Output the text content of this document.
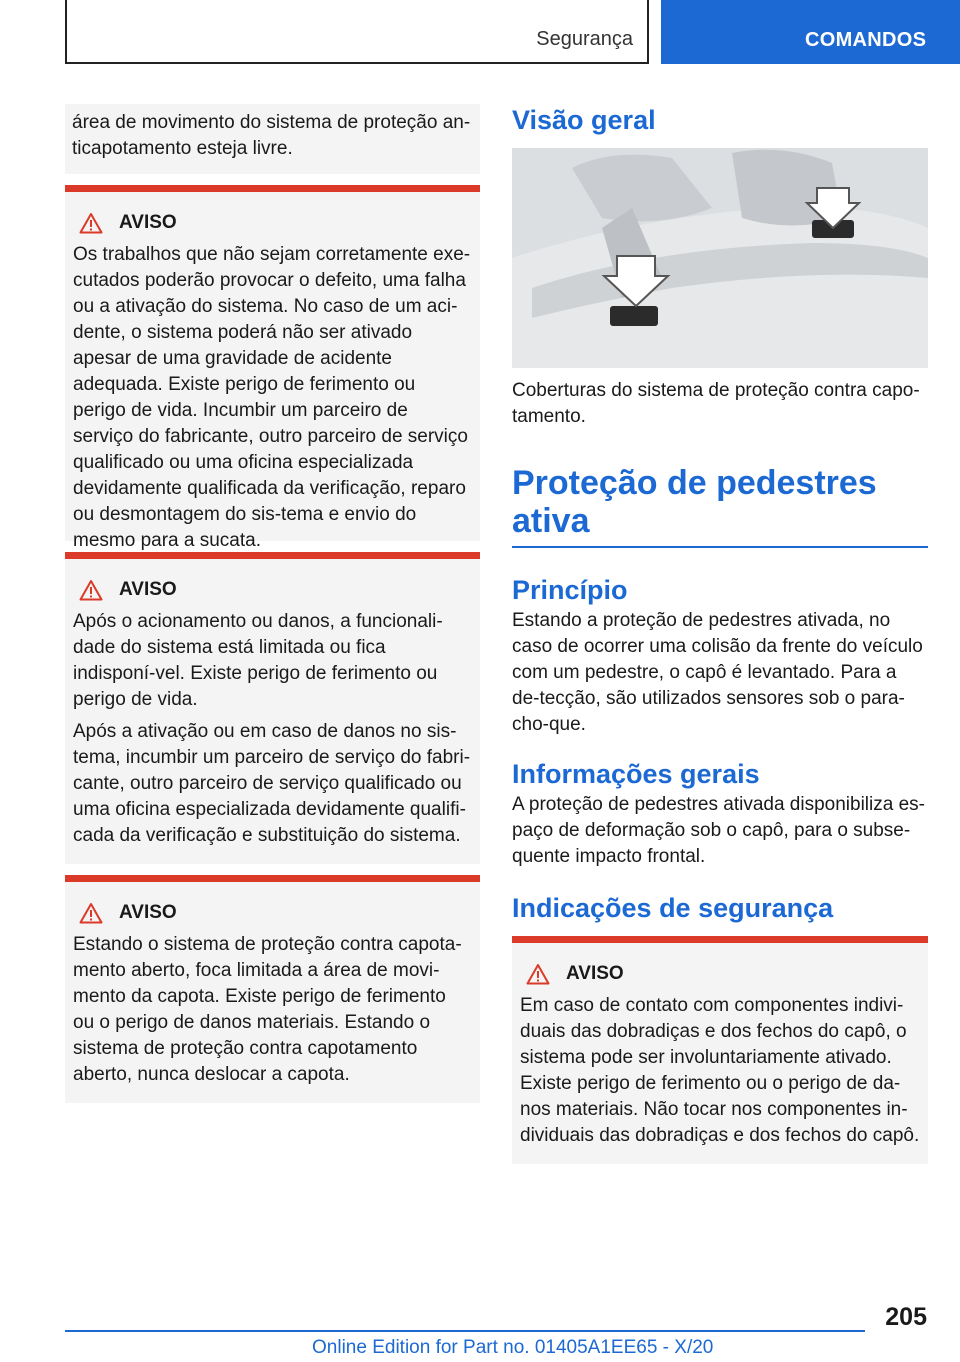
Segurança	COMANDOS

área de movimento do sistema de proteção an-ticapotamento esteja livre.

AVISO

Os trabalhos que não sejam corretamente exe-cutados poderão provocar o defeito, uma falha ou a ativação do sistema. No caso de um aci-dente, o sistema poderá não ser ativado apesar de uma gravidade de acidente adequada. Existe perigo de ferimento ou perigo de vida. Incumbir um parceiro de serviço do fabricante, outro parceiro de serviço qualificado ou uma oficina especializada devidamente qualificada da verificação, reparo ou desmontagem do sis-tema e envio do mesmo para a sucata.

AVISO

Após o acionamento ou danos, a funcionali-dade do sistema está limitada ou fica indisponí-vel. Existe perigo de ferimento ou perigo de vida.

Após a ativação ou em caso de danos no sis-tema, incumbir um parceiro de serviço do fabri-cante, outro parceiro de serviço qualificado ou uma oficina especializada devidamente qualifi-cada da verificação e substituição do sistema.

AVISO

Estando o sistema de proteção contra capota-mento aberto, foca limitada a área de movi-mento da capota. Existe perigo de ferimento ou o perigo de danos materiais. Estando o sistema de proteção contra capotamento aberto, nunca deslocar a capota.

Visão geral

Coberturas do sistema de proteção contra capo-tamento.

Proteção de pedestres ativa
Princípio

Estando a proteção de pedestres ativada, no caso de ocorrer uma colisão da frente do veículo com um pedestre, o capô é levantado. Para a de-tecção, são utilizados sensores sob o para-cho-que.

Informações gerais

A proteção de pedestres ativada disponibiliza es-paço de deformação sob o capô, para o subse-quente impacto frontal.

Indicações de segurança
AVISO

Em caso de contato com componentes indivi-duais das dobradiças e dos fechos do capô, o sistema pode ser involuntariamente ativado. Existe perigo de ferimento ou o perigo de da-nos materiais. Não tocar nos componentes in-dividuais das dobradiças e dos fechos do capô.

205
Online Edition for Part no. 01405A1EE65 - X/20
